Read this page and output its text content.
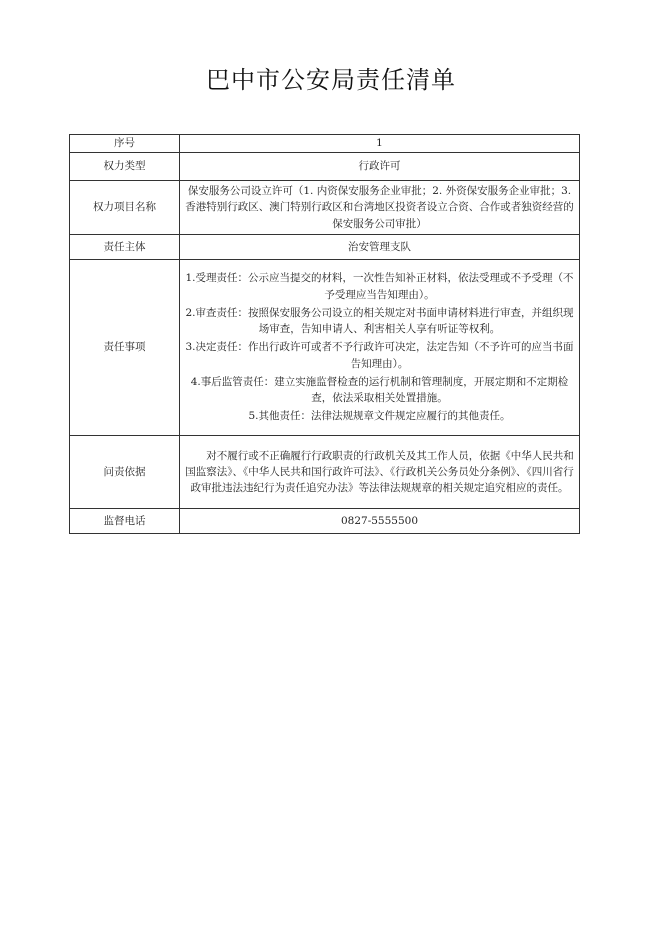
巴中市公安局责任清单
序号	1
权力类型	行政许可
权力项目名称	保安服务公司设立许可（1. 内资保安服务企业审批；2. 外资保安服务企业审批；3. 香港特别行政区、澳门特别行政区和台湾地区投资者设立合资、合作或者独资经营的保安服务公司审批）
责任主体	治安管理支队
责任事项	1.受理责任：公示应当提交的材料，一次性告知补正材料，依法受理或不予受理（不予受理应当告知理由）。
2.审查责任：按照保安服务公司设立的相关规定对书面申请材料进行审查，并组织现场审查，告知申请人、利害相关人享有听证等权利。
3.决定责任：作出行政许可或者不予行政许可决定，法定告知（不予许可的应当书面告知理由）。
4.事后监管责任：建立实施监督检查的运行机制和管理制度，开展定期和不定期检查，依法采取相关处置措施。
5.其他责任：法律法规规章文件规定应履行的其他责任。

问责依据	对不履行或不正确履行行政职责的行政机关及其工作人员，依据《中华人民共和国监察法》、《中华人民共和国行政许可法》、《行政机关公务员处分条例》、《四川省行政审批违法违纪行为责任追究办法》等法律法规规章的相关规定追究相应的责任。

监督电话	0827-5555500
